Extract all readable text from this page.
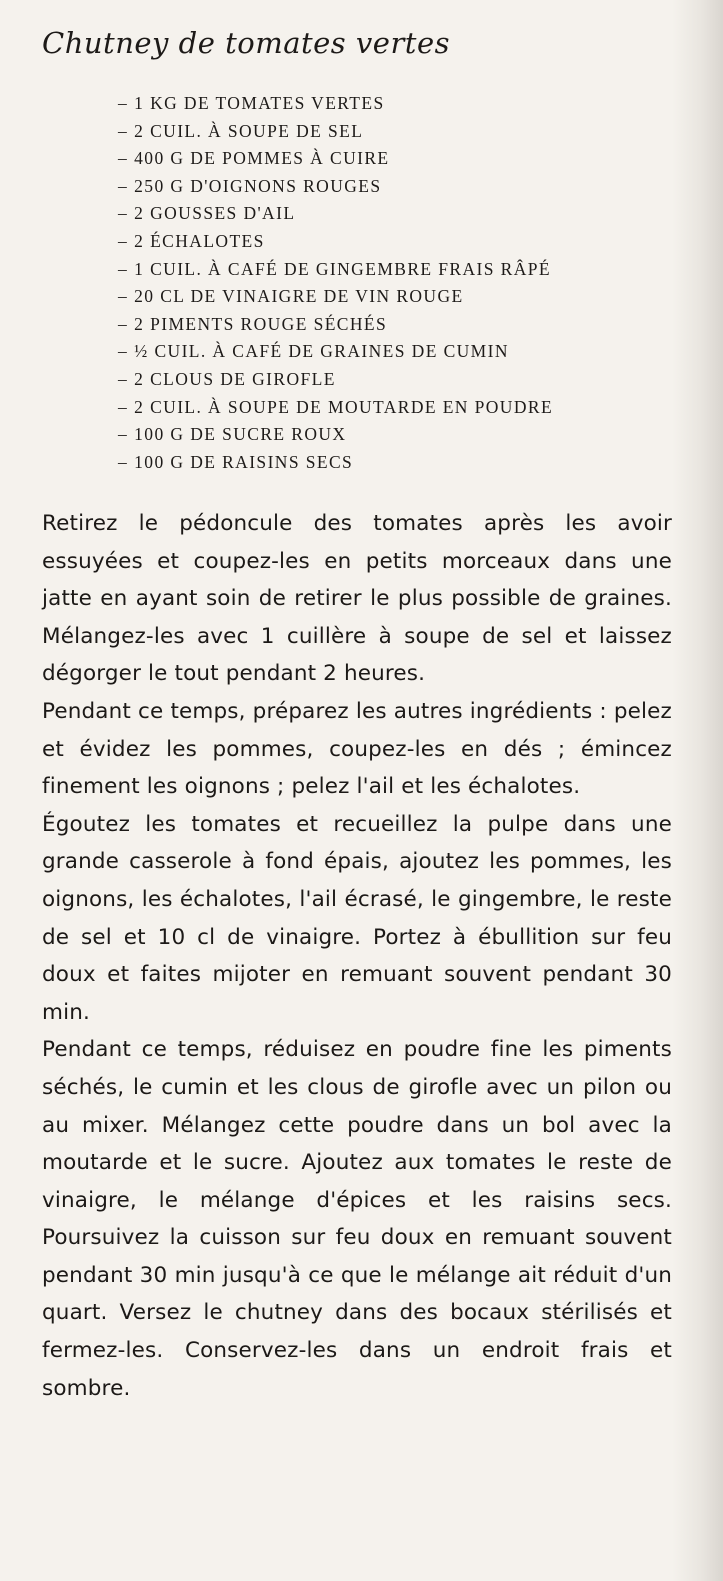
Chutney de tomates vertes
– 1 KG DE TOMATES VERTES
– 2 CUIL. À SOUPE DE SEL
– 400 G DE POMMES À CUIRE
– 250 G D'OIGNONS ROUGES
– 2 GOUSSES D'AIL
– 2 ÉCHALOTES
– 1 CUIL. À CAFÉ DE GINGEMBRE FRAIS RÂPÉ
– 20 CL DE VINAIGRE DE VIN ROUGE
– 2 PIMENTS ROUGE SÉCHÉS
– ½ CUIL. À CAFÉ DE GRAINES DE CUMIN
– 2 CLOUS DE GIROFLE
– 2 CUIL. À SOUPE DE MOUTARDE EN POUDRE
– 100 G DE SUCRE ROUX
– 100 G DE RAISINS SECS

Retirez le pédoncule des tomates après les avoir essuyées et coupez-les en petits morceaux dans une jatte en ayant soin de retirer le plus possible de graines. Mélangez-les avec 1 cuillère à soupe de sel et laissez dégorger le tout pendant 2 heures.

Pendant ce temps, préparez les autres ingrédients : pelez et évidez les pommes, coupez-les en dés ; émincez finement les oignons ; pelez l'ail et les échalotes.

Égoutez les tomates et recueillez la pulpe dans une grande casserole à fond épais, ajoutez les pommes, les oignons, les échalotes, l'ail écrasé, le gingembre, le reste de sel et 10 cl de vinaigre. Portez à ébullition sur feu doux et faites mijoter en remuant souvent pendant 30 min.

Pendant ce temps, réduisez en poudre fine les piments séchés, le cumin et les clous de girofle avec un pilon ou au mixer. Mélangez cette poudre dans un bol avec la moutarde et le sucre. Ajoutez aux tomates le reste de vinaigre, le mélange d'épices et les raisins secs. Poursuivez la cuisson sur feu doux en remuant souvent pendant 30 min jusqu'à ce que le mélange ait réduit d'un quart. Versez le chutney dans des bocaux stérilisés et fermez-les. Conservez-les dans un endroit frais et sombre.
